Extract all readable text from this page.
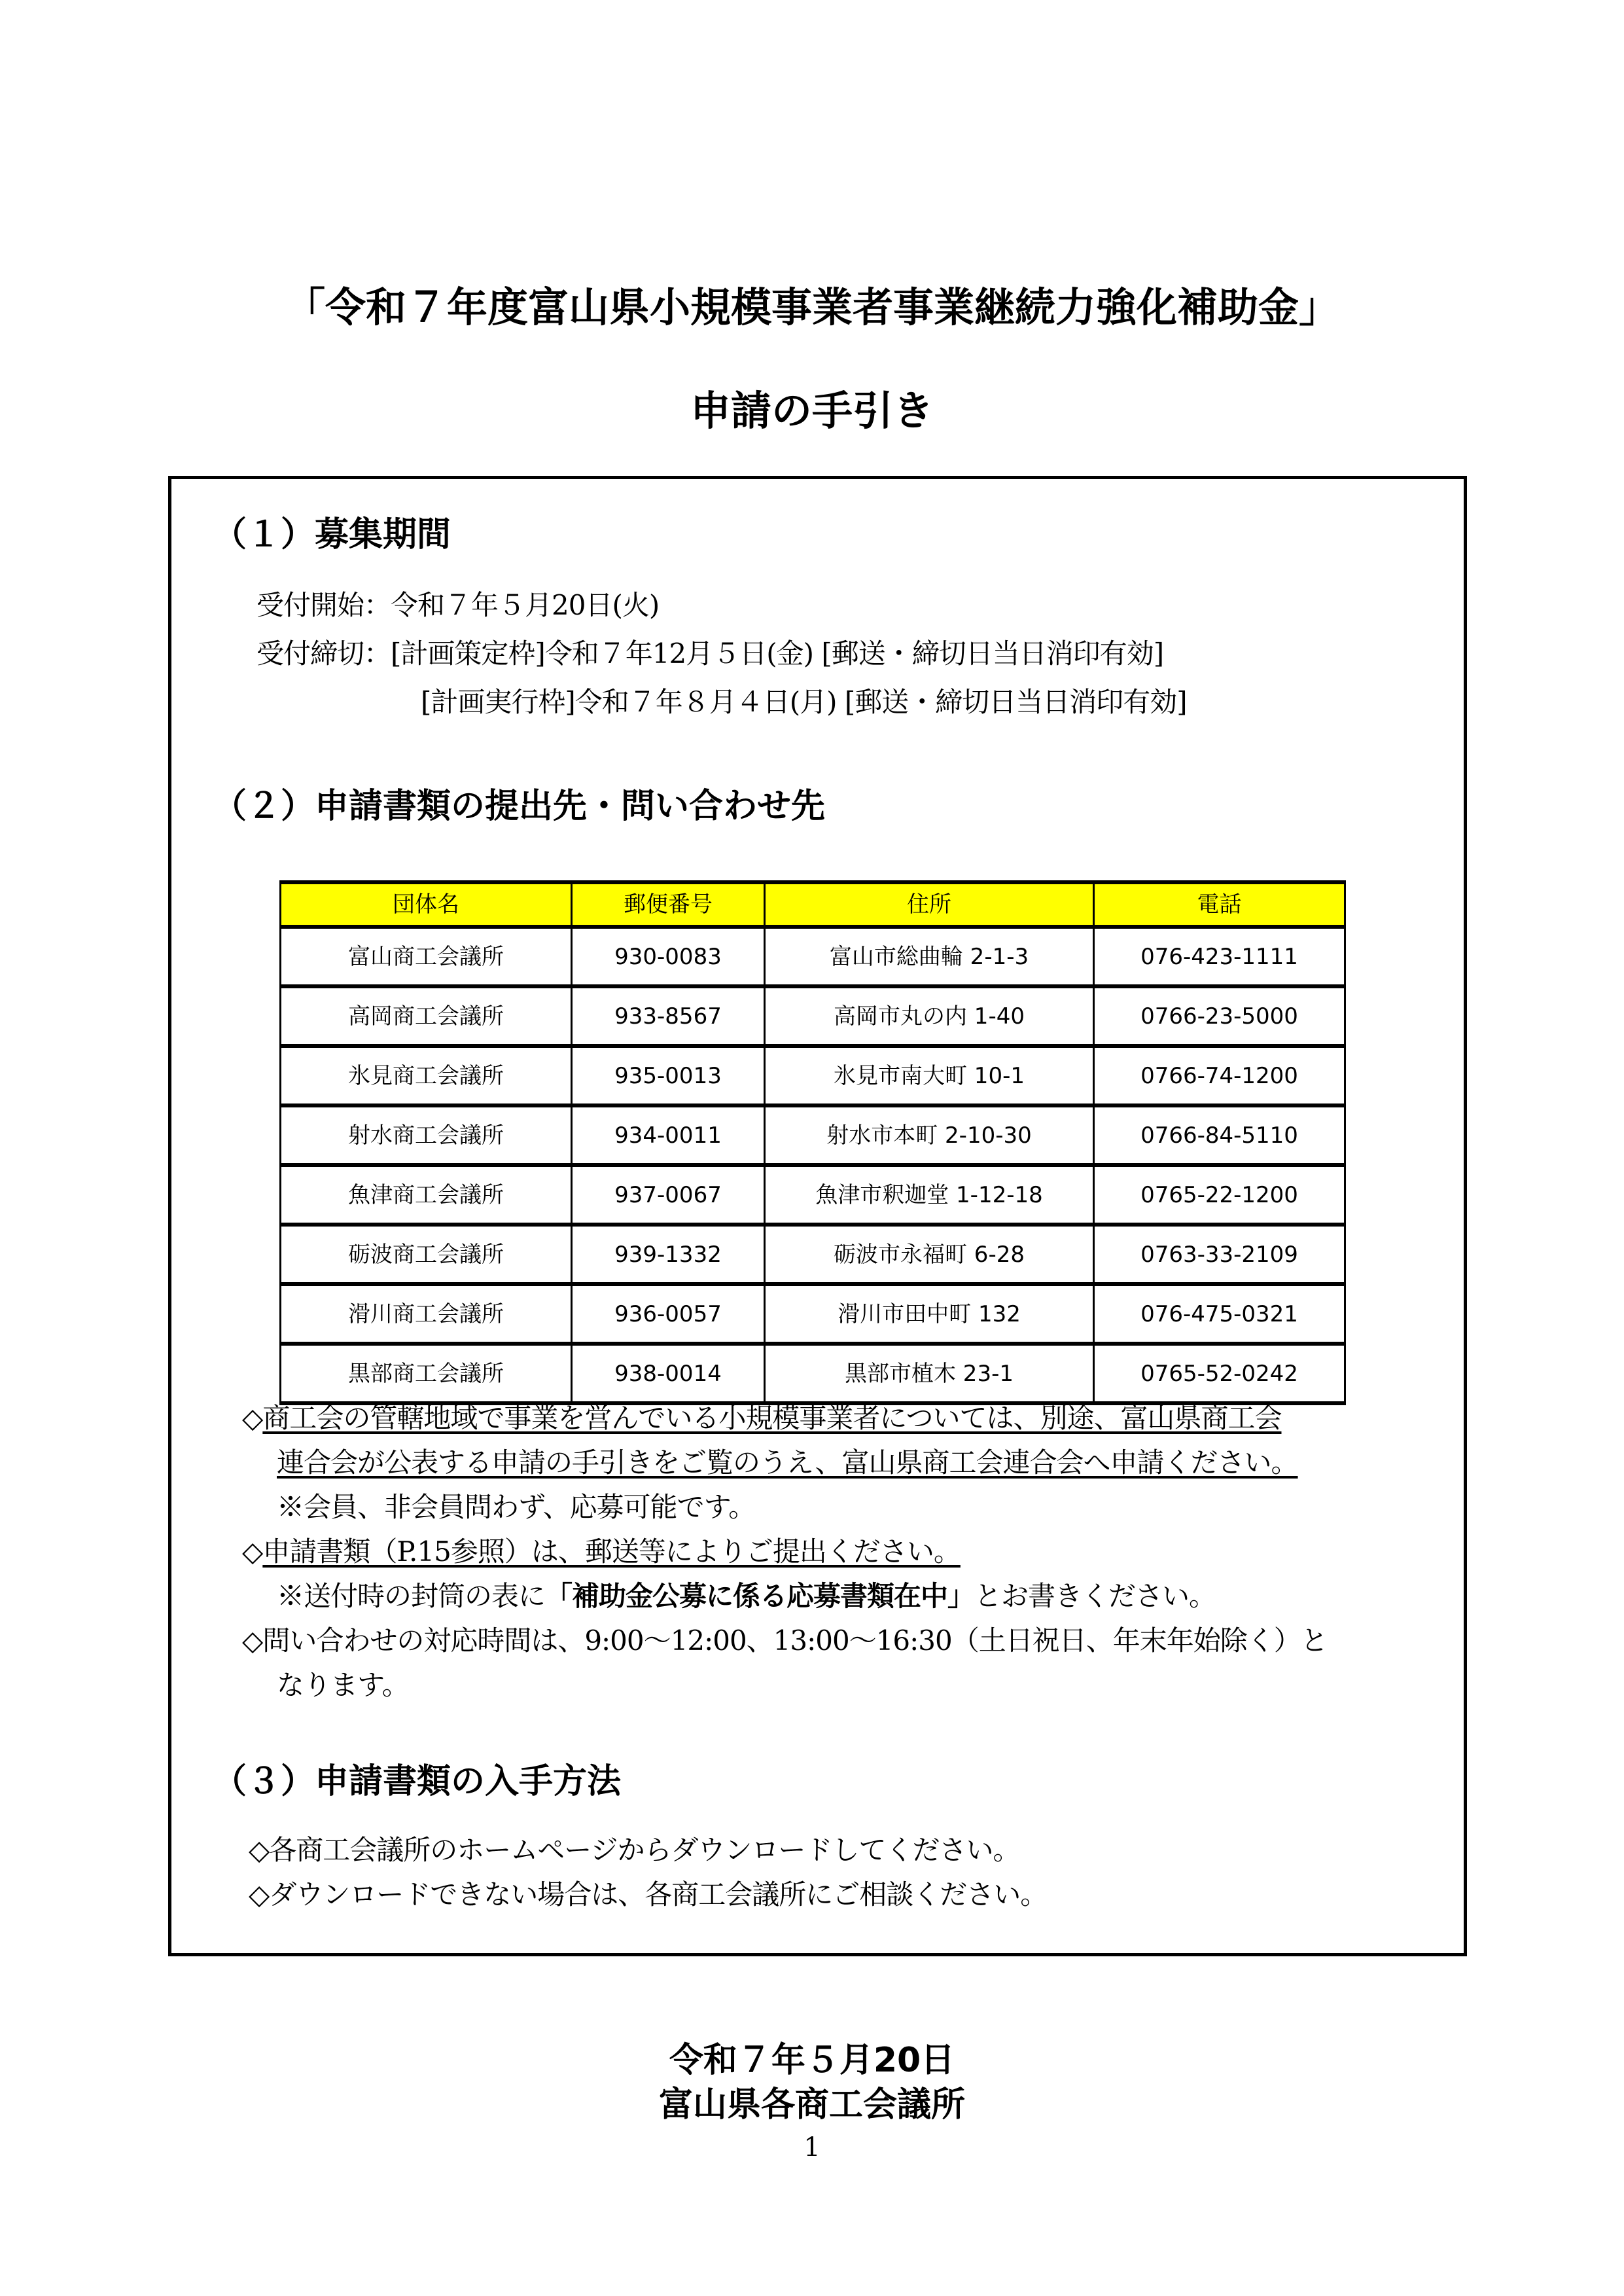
「令和７年度富山県小規模事業者事業継続力強化補助金」
申請の手引き
（１）募集期間
受付開始：令和７年５月20日(火)
受付締切：[計画策定枠]令和７年12月５日(金) [郵送・締切日当日消印有効]
[計画実行枠]令和７年８月４日(月) [郵送・締切日当日消印有効]
（２）申請書類の提出先・問い合わせ先
団体名	郵便番号	住所	電話
富山商工会議所	930-0083	富山市総曲輪 2-1-3	076-423-1111
高岡商工会議所	933-8567	高岡市丸の内 1-40	0766-23-5000
氷見商工会議所	935-0013	氷見市南大町 10-1	0766-74-1200
射水商工会議所	934-0011	射水市本町 2-10-30	0766-84-5110
魚津商工会議所	937-0067	魚津市釈迦堂 1-12-18	0765-22-1200
砺波商工会議所	939-1332	砺波市永福町 6-28	0763-33-2109
滑川商工会議所	936-0057	滑川市田中町 132	076-475-0321
黒部商工会議所	938-0014	黒部市植木 23-1	0765-52-0242
◇商工会の管轄地域で事業を営んでいる小規模事業者については、別途、富山県商工会
連合会が公表する申請の手引きをご覧のうえ、富山県商工会連合会へ申請ください。
※会員、非会員問わず、応募可能です。
◇申請書類（P.15参照）は、郵送等によりご提出ください。
※送付時の封筒の表に「補助金公募に係る応募書類在中」とお書きください。
◇問い合わせの対応時間は、9:00～12:00、13:00～16:30（土日祝日、年末年始除く）と
なります。
（３）申請書類の入手方法
◇各商工会議所のホームページからダウンロードしてください。
◇ダウンロードできない場合は、各商工会議所にご相談ください。
令和７年５月20日
富山県各商工会議所
1
